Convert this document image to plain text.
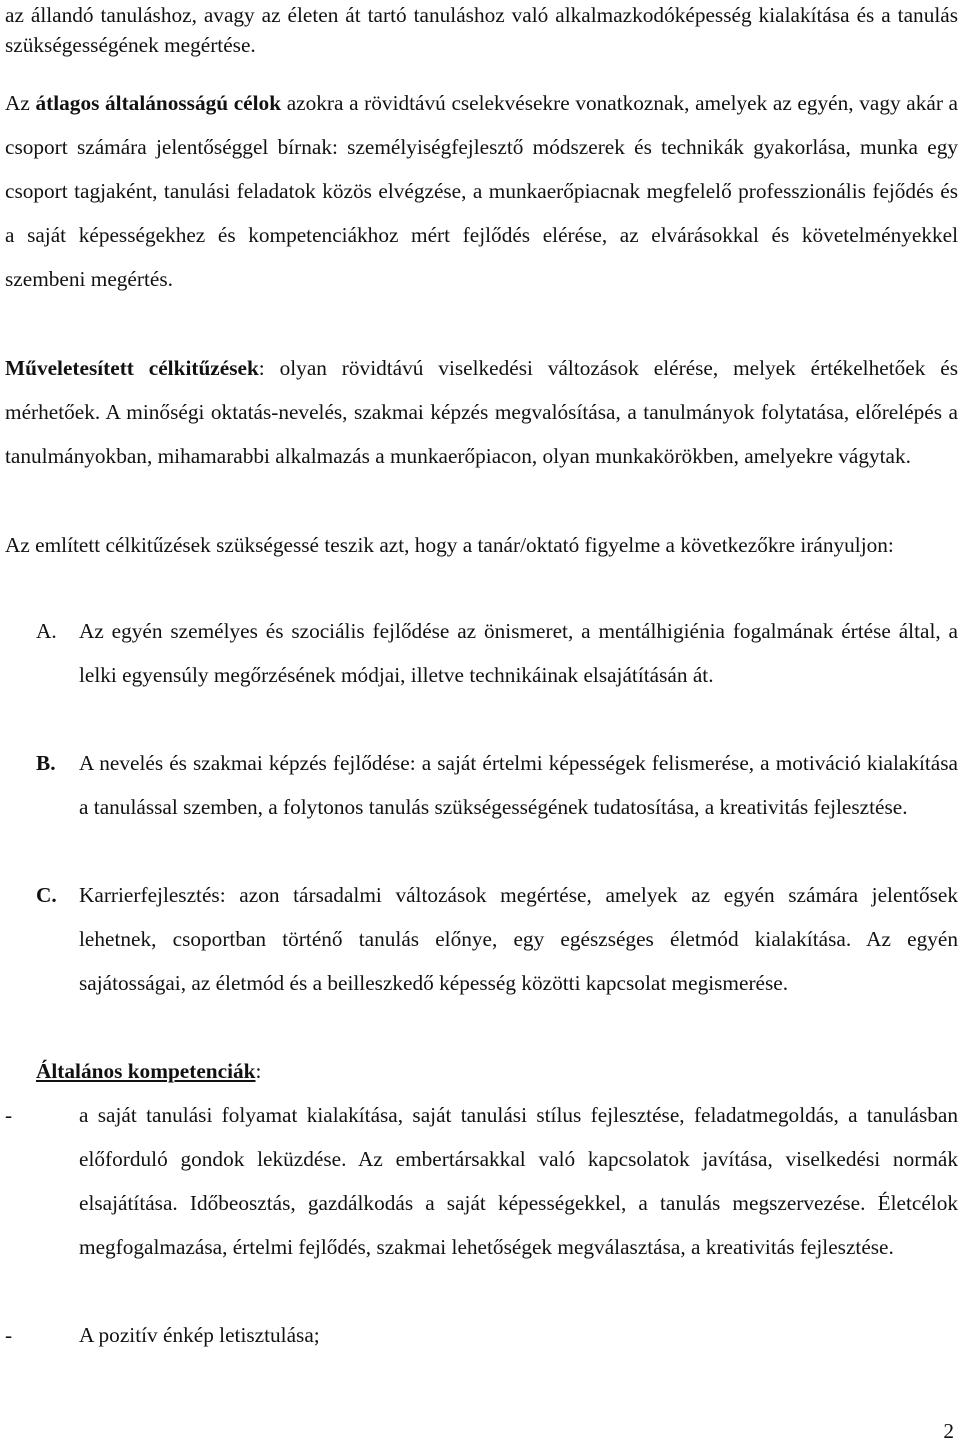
az állandó tanuláshoz, avagy az életen át tartó tanuláshoz való alkalmazkodóképesség kialakítása és a tanulás szükségességének megértése.

Az átlagos általánosságú célok azokra a rövidtávú cselekvésekre vonatkoznak, amelyek az egyén, vagy akár a csoport számára jelentőséggel bírnak: személyiségfejlesztő módszerek és technikák gyakorlása, munka egy csoport tagjaként, tanulási feladatok közös elvégzése, a munkaerőpiacnak megfelelő professzionális fejődés és a saját képességekhez és kompetenciákhoz mért fejlődés elérése, az elvárásokkal és követelményekkel szembeni megértés.

Műveletesített célkitűzések: olyan rövidtávú viselkedési változások elérése, melyek értékelhetőek és mérhetőek. A minőségi oktatás-nevelés, szakmai képzés megvalósítása, a tanulmányok folytatása, előrelépés a tanulmányokban, mihamarabbi alkalmazás a munkaerőpiacon, olyan munkakörökben, amelyekre vágytak.

Az említett célkitűzések szükségessé teszik azt, hogy a tanár/oktató figyelme a következőkre irányuljon:

A. Az egyén személyes és szociális fejlődése az önismeret, a mentálhigiénia fogalmának értése által, a lelki egyensúly megőrzésének módjai, illetve technikáinak elsajátításán át.
B. A nevelés és szakmai képzés fejlődése: a saját értelmi képességek felismerése, a motiváció kialakítása a tanulással szemben, a folytonos tanulás szükségességének tudatosítása, a kreativitás fejlesztése.
C. Karrierfejlesztés: azon társadalmi változások megértése, amelyek az egyén számára jelentősek lehetnek, csoportban történő tanulás előnye, egy egészséges életmód kialakítása. Az egyén sajátosságai, az életmód és a beilleszkedő képesség közötti kapcsolat megismerése.
Általános kompetenciák:
-	a saját tanulási folyamat kialakítása, saját tanulási stílus fejlesztése, feladatmegoldás, a tanulásban előforduló gondok leküzdése. Az embertársakkal való kapcsolatok javítása, viselkedési normák elsajátítása. Időbeosztás, gazdálkodás a saját képességekkel, a tanulás megszervezése. Életcélok megfogalmazása, értelmi fejlődés, szakmai lehetőségek megválasztása, a kreativitás fejlesztése.
-	A pozitív énkép letisztulása;
2
